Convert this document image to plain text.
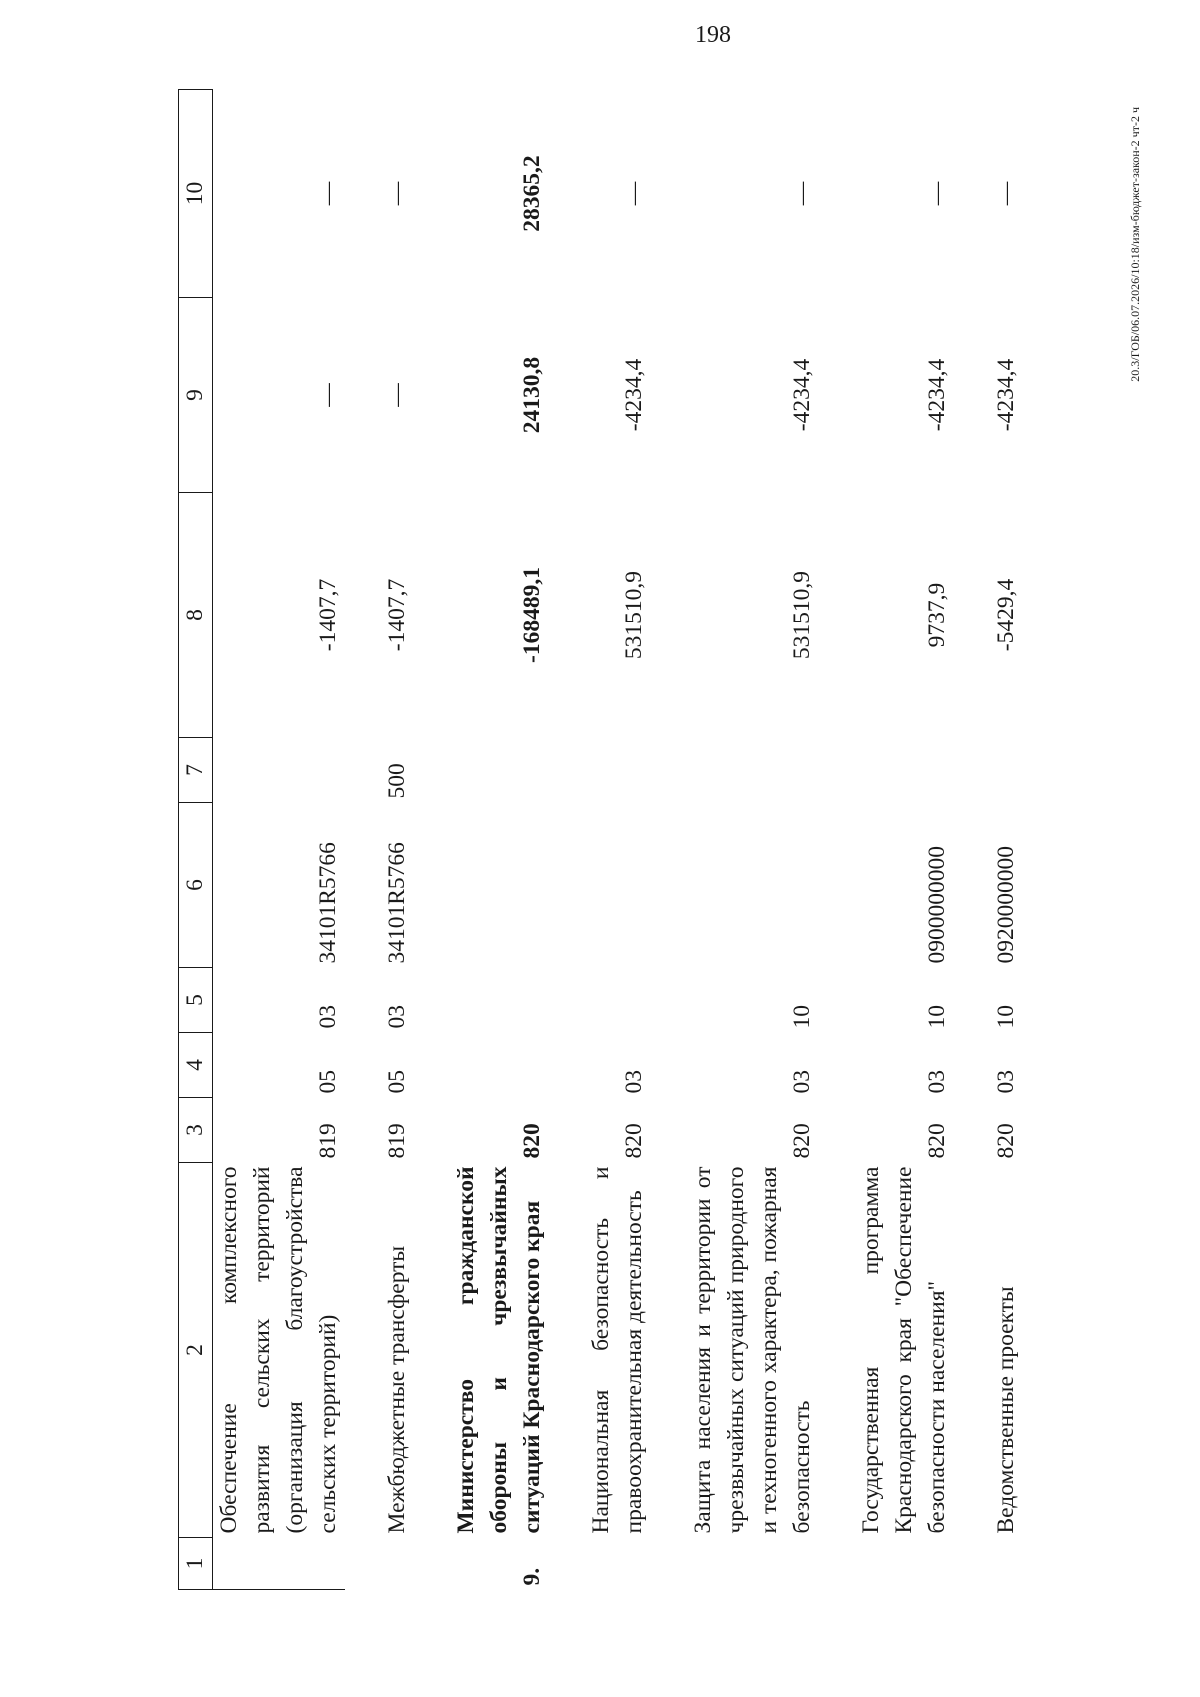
198
20.3/ГОБ/06.07.2026/10:18/изм-бюджет-закон-2 чт-2 ч
1	2	3	4	5	6	7	8	9	10
	Обеспечение комплексного развития сельских территорий (организация благоустройства сельских территорий)	819	05	03	34101R5766		-1407,7	—	—

	Межбюджетные трансферты	819	05	03	34101R5766	500	-1407,7	—	—

9.	Министерство гражданской обороны и чрезвычайных ситуаций Краснодарского края	820					-168489,1	24130,8	28365,2

	Национальная безопасность и правоохранительная деятельность	820	03				531510,9	-4234,4	—

	Защита населения и территории от чрезвычайных ситуаций природного и техногенного характера, пожарная безопасность	820	03	10			531510,9	-4234,4	—

	Государственная программа Краснодарского края "Обеспечение безопасности населения"	820	03	10	0900000000		9737,9	-4234,4	—

	Ведомственные проекты	820	03	10	0920000000		-5429,4	-4234,4	—
